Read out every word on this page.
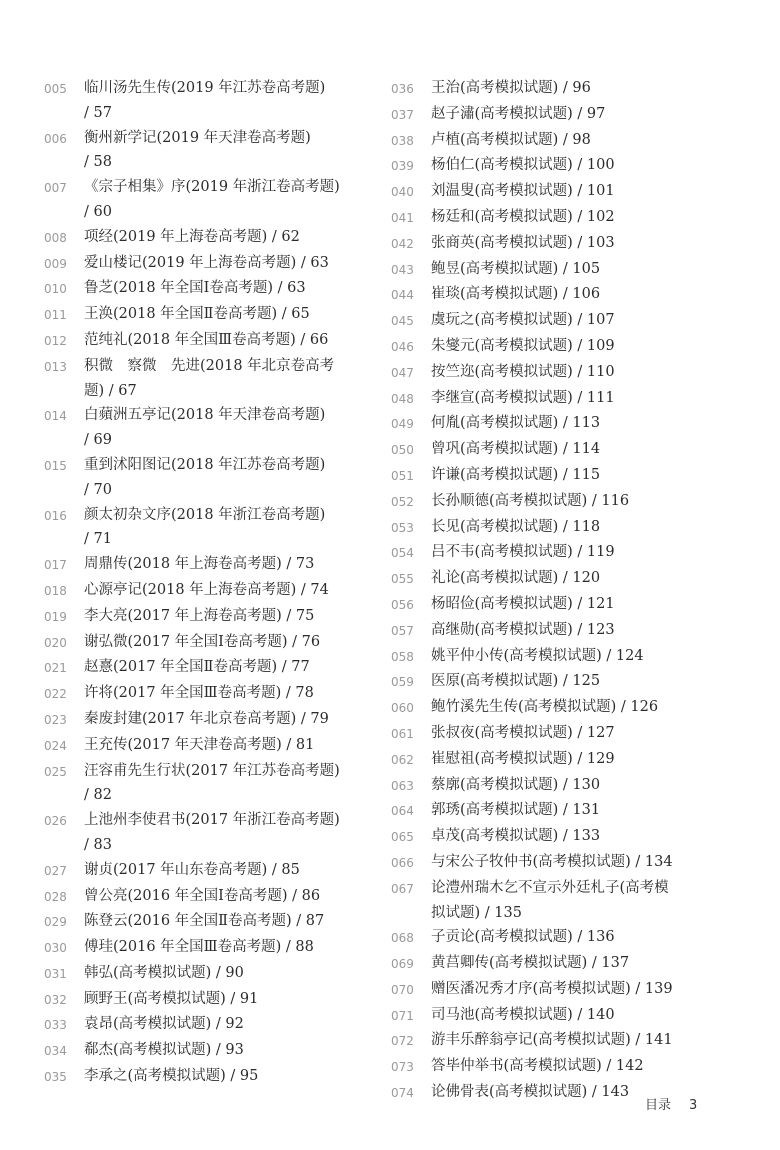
005	临川汤先生传(2019 年江苏卷高考题)
/ 57
006	衡州新学记(2019 年天津卷高考题)
/ 58
007	《宗子相集》序(2019 年浙江卷高考题)
/ 60
008	项经(2019 年上海卷高考题) / 62
009	爱山楼记(2019 年上海卷高考题) / 63
010	鲁芝(2018 年全国Ⅰ卷高考题) / 63
011	王涣(2018 年全国Ⅱ卷高考题) / 65
012	范纯礼(2018 年全国Ⅲ卷高考题) / 66
013	积微　察微　先进(2018 年北京卷高考
题) / 67
014	白蘋洲五亭记(2018 年天津卷高考题)
/ 69
015	重到沭阳图记(2018 年江苏卷高考题)
/ 70
016	颜太初杂文序(2018 年浙江卷高考题)
/ 71
017	周鼎传(2018 年上海卷高考题) / 73
018	心源亭记(2018 年上海卷高考题) / 74
019	李大亮(2017 年上海卷高考题) / 75
020	谢弘微(2017 年全国Ⅰ卷高考题) / 76
021	赵憙(2017 年全国Ⅱ卷高考题) / 77
022	许将(2017 年全国Ⅲ卷高考题) / 78
023	秦废封建(2017 年北京卷高考题) / 79
024	王充传(2017 年天津卷高考题) / 81
025	汪容甫先生行状(2017 年江苏卷高考题)
/ 82
026	上池州李使君书(2017 年浙江卷高考题)
/ 83
027	谢贞(2017 年山东卷高考题) / 85
028	曾公亮(2016 年全国Ⅰ卷高考题) / 86
029	陈登云(2016 年全国Ⅱ卷高考题) / 87
030	傅珪(2016 年全国Ⅲ卷高考题) / 88
031	韩弘(高考模拟试题) / 90
032	顾野王(高考模拟试题) / 91
033	袁昂(高考模拟试题) / 92
034	郗杰(高考模拟试题) / 93
035	李承之(高考模拟试题) / 95
036	王治(高考模拟试题) / 96
037	赵子潚(高考模拟试题) / 97
038	卢植(高考模拟试题) / 98
039	杨伯仁(高考模拟试题) / 100
040	刘温叟(高考模拟试题) / 101
041	杨廷和(高考模拟试题) / 102
042	张商英(高考模拟试题) / 103
043	鲍昱(高考模拟试题) / 105
044	崔琰(高考模拟试题) / 106
045	虞玩之(高考模拟试题) / 107
046	朱燮元(高考模拟试题) / 109
047	按竺迩(高考模拟试题) / 110
048	李继宣(高考模拟试题) / 111
049	何胤(高考模拟试题) / 113
050	曾巩(高考模拟试题) / 114
051	许谦(高考模拟试题) / 115
052	长孙顺德(高考模拟试题) / 116
053	长见(高考模拟试题) / 118
054	吕不韦(高考模拟试题) / 119
055	礼论(高考模拟试题) / 120
056	杨昭俭(高考模拟试题) / 121
057	高继勋(高考模拟试题) / 123
058	姚平仲小传(高考模拟试题) / 124
059	医原(高考模拟试题) / 125
060	鲍竹溪先生传(高考模拟试题) / 126
061	张叔夜(高考模拟试题) / 127
062	崔慰祖(高考模拟试题) / 129
063	蔡廓(高考模拟试题) / 130
064	郭琇(高考模拟试题) / 131
065	卓茂(高考模拟试题) / 133
066	与宋公子牧仲书(高考模拟试题) / 134
067	论澧州瑞木乞不宣示外廷札子(高考模
拟试题) / 135
068	子贡论(高考模拟试题) / 136
069	黄莒卿传(高考模拟试题) / 137
070	赠医潘况秀才序(高考模拟试题) / 139
071	司马池(高考模拟试题) / 140
072	游丰乐醉翁亭记(高考模拟试题) / 141
073	答毕仲举书(高考模拟试题) / 142
074	论佛骨表(高考模拟试题) / 143
目录 3
